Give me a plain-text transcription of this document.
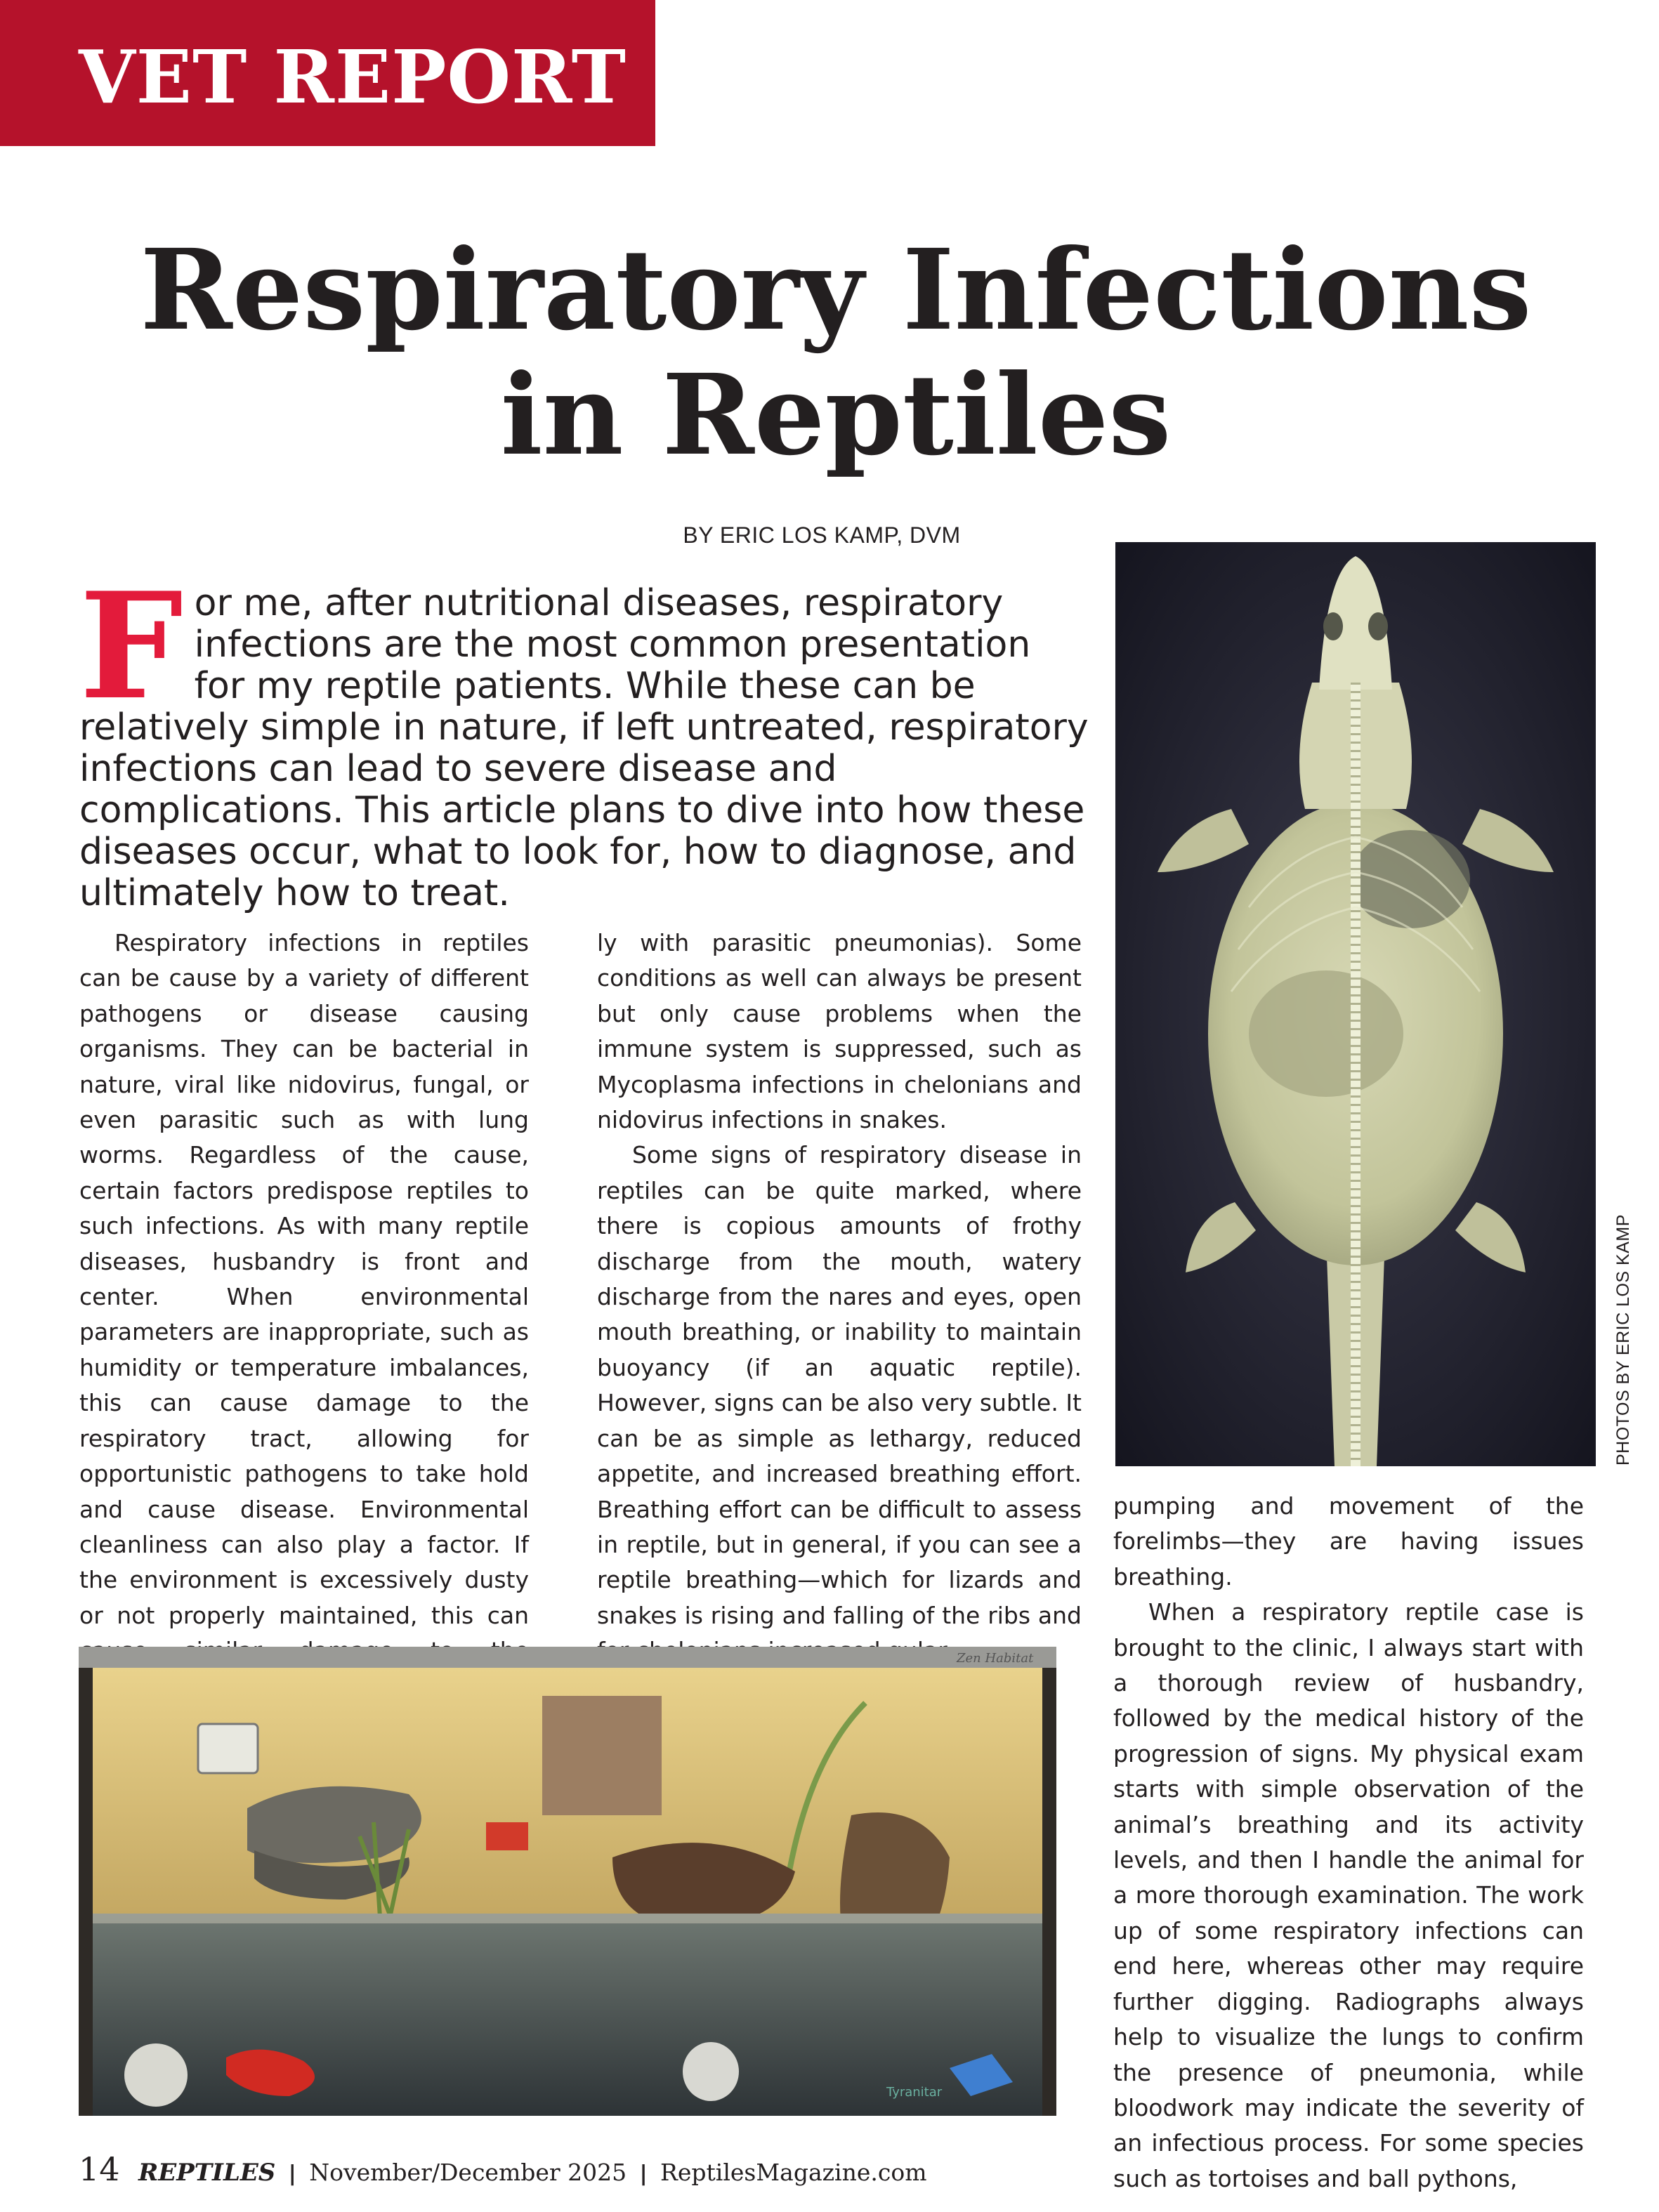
VET REPORT
Respiratory Infections
in Reptiles
BY ERIC LOS KAMP, DVM

For me, after nutritional diseases, respiratory infections are the most common presentation for my reptile patients. While these can be relatively simple in nature, if left untreated, respiratory infections can lead to severe disease and complications. This article plans to dive into how these diseases occur, what to look for, how to diagnose, and ultimately how to treat.

Respiratory infections in reptiles can be cause by a variety of different pathogens or disease causing organisms. They can be bacterial in nature, viral like nidovirus, fungal, or even parasitic such as with lung worms. Regardless of the cause, certain factors predispose reptiles to such infections. As with many reptile diseases, husbandry is front and center. When environmental parameters are inappropriate, such as humidity or temperature imbalances, this can cause damage to the respiratory tract, allowing for opportunistic pathogens to take hold and cause disease. Environmental cleanliness can also play a factor. If the environment is excessively dusty or not properly maintained, this can

ly with parasitic pneumonias). Some conditions as well can always be present but only cause problems when the immune system is suppressed, such as Mycoplasma infections in chelonians and nidovirus infections in snakes.

Some signs of respiratory disease in reptiles can be quite marked, where there is copious amounts of frothy discharge from the mouth, watery discharge from the nares and eyes, open mouth breathing, or inability to maintain buoyancy (if an aquatic reptile). However, signs can be also very subtle. It can be as simple as lethargy, reduced appetite, and increased breathing effort. Breathing effort can be difficult to assess in reptile, but in general, if you can see a reptile breathing—which for lizards and snakes is rising and falling of the ribs and

pumping and movement of the forelimbs—they are having issues breathing.

When a respiratory reptile case is brought to the clinic, I always start with a thorough review of husbandry, followed by the medical history of the progression of signs. My physical exam starts with simple observation of the animal’s breathing and its activity levels, and then I handle the animal for a more thorough examination. The work up of some respiratory infections can end here, whereas other may require further digging. Radiographs always help to visualize the lungs to confirm the presence of pneumonia, while bloodwork may indicate the severity of an infectious process. For some species such as tortoises and ball pythons,

PHOTOS BY ERIC LOS KAMP
Zen Habitat
Tyranitar
14 REPTILES | November/December 2025 | ReptilesMagazine.com
